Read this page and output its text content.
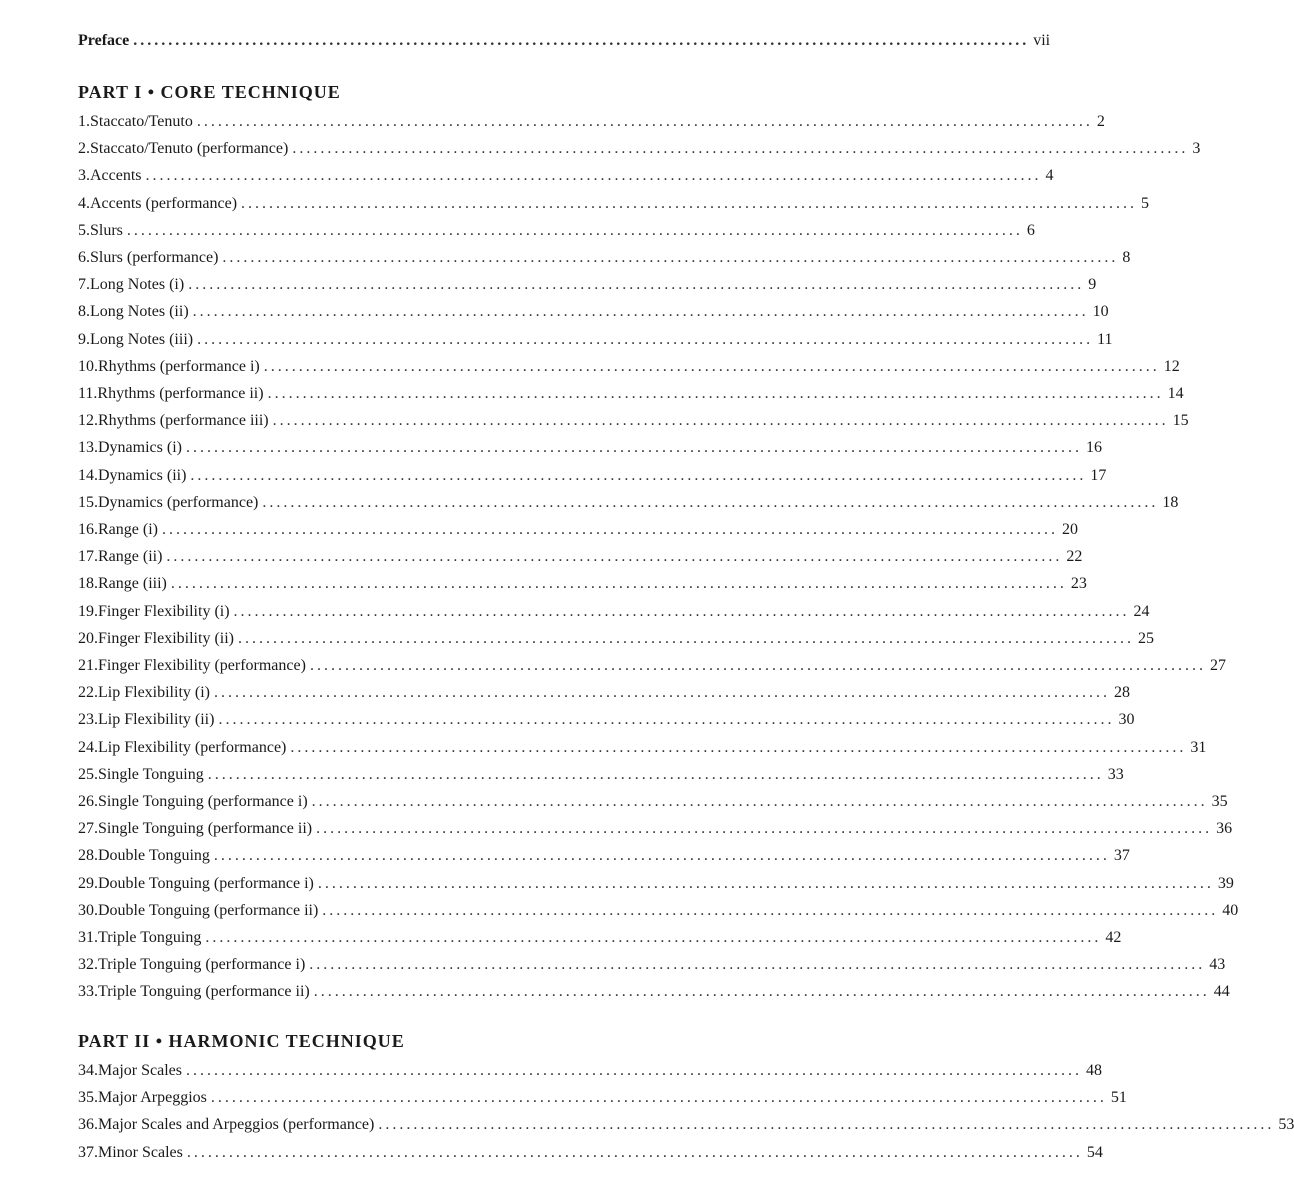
Preface ................................................................................................................................ vii
PART I • CORE TECHNIQUE
1. Staccato/Tenuto ................................................................................................................................ 2
2. Staccato/Tenuto (performance) ................................................................................................................................ 3
3. Accents ................................................................................................................................ 4
4. Accents (performance) ................................................................................................................................ 5
5. Slurs ................................................................................................................................ 6
6. Slurs (performance) ................................................................................................................................ 8
7. Long Notes (i) ................................................................................................................................ 9
8. Long Notes (ii) ................................................................................................................................ 10
9. Long Notes (iii) ................................................................................................................................ 11
10. Rhythms (performance i) ................................................................................................................................ 12
11. Rhythms (performance ii) ................................................................................................................................ 14
12. Rhythms (performance iii) ................................................................................................................................ 15
13. Dynamics (i) ................................................................................................................................ 16
14. Dynamics (ii) ................................................................................................................................ 17
15. Dynamics (performance) ................................................................................................................................ 18
16. Range (i) ................................................................................................................................ 20
17. Range (ii) ................................................................................................................................ 22
18. Range (iii) ................................................................................................................................ 23
19. Finger Flexibility (i) ................................................................................................................................ 24
20. Finger Flexibility (ii) ................................................................................................................................ 25
21. Finger Flexibility (performance) ................................................................................................................................ 27
22. Lip Flexibility (i) ................................................................................................................................ 28
23. Lip Flexibility (ii) ................................................................................................................................ 30
24. Lip Flexibility (performance) ................................................................................................................................ 31
25. Single Tonguing ................................................................................................................................ 33
26. Single Tonguing (performance i) ................................................................................................................................ 35
27. Single Tonguing (performance ii) ................................................................................................................................ 36
28. Double Tonguing ................................................................................................................................ 37
29. Double Tonguing (performance i) ................................................................................................................................ 39
30. Double Tonguing (performance ii) ................................................................................................................................ 40
31. Triple Tonguing ................................................................................................................................ 42
32. Triple Tonguing (performance i) ................................................................................................................................ 43
33. Triple Tonguing (performance ii) ................................................................................................................................ 44
PART II • HARMONIC TECHNIQUE
34. Major Scales ................................................................................................................................ 48
35. Major Arpeggios ................................................................................................................................ 51
36. Major Scales and Arpeggios (performance) ................................................................................................................................ 53
37. Minor Scales ................................................................................................................................ 54
